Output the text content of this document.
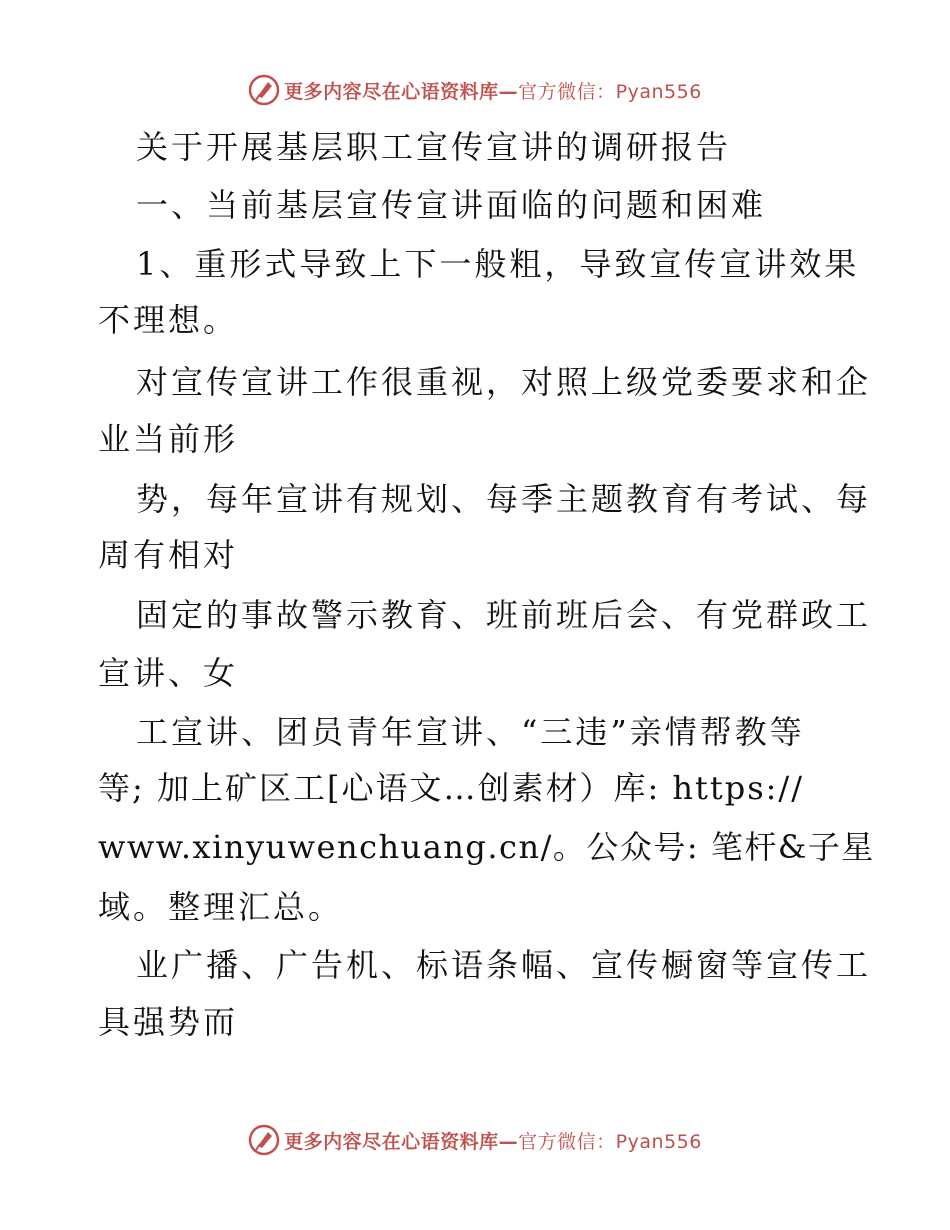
更多内容尽在心语资料库—官方微信：Pyan556
关于开展基层职工宣传宣讲的调研报告
一、当前基层宣传宣讲面临的问题和困难
1、重形式导致上下一般粗，导致宣传宣讲效果
不理想。
对宣传宣讲工作很重视，对照上级党委要求和企
业当前形
势，每年宣讲有规划、每季主题教育有考试、每
周有相对
固定的事故警示教育、班前班后会、有党群政工
宣讲、女
工宣讲、团员青年宣讲、“三违”亲情帮教等
等; 加上矿区工[心语文…创素材）库: https://
www.xinyuwenchuang.cn/。公众号: 笔杆&子星
域。整理汇总。
业广播、广告机、标语条幅、宣传橱窗等宣传工
具强势而
更多内容尽在心语资料库—官方微信：Pyan556
